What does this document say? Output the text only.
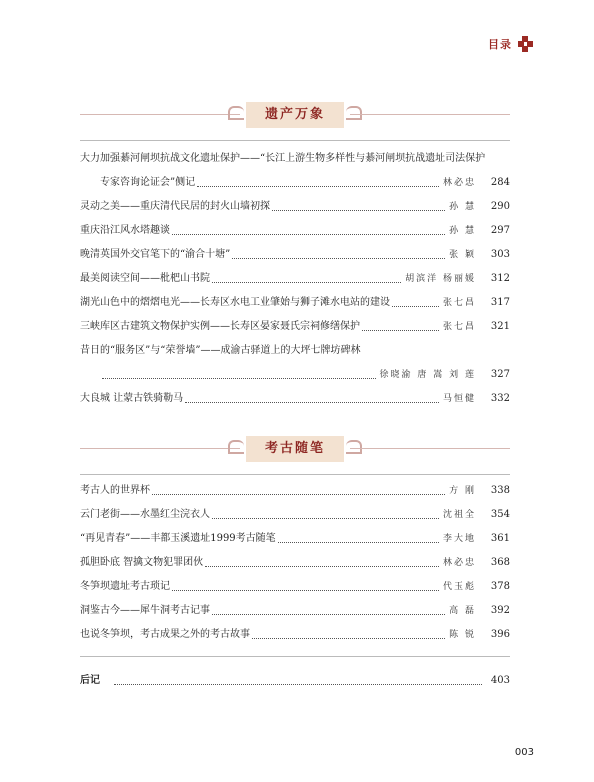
目录
遗产万象
大力加强綦河闸坝抗战文化遗址保护——“长江上游生物多样性与綦河闸坝抗战遗址司法保护
专家咨询论证会”侧记	林必忠	284
灵动之美——重庆清代民居的封火山墙初探	孙 慧	290
重庆沿江风水塔趣谈	孙 慧	297
晚清英国外交官笔下的“渝合十塘”	张 颖	303
最美阅读空间——枇杷山书院	胡滨洋 杨丽媛	312
湖光山色中的熠熠电光——长寿区水电工业肇始与狮子滩水电站的建设	张七昌	317
三峡库区古建筑文物保护实例——长寿区晏家聂氏宗祠修缮保护	张七昌	321
昔日的“服务区”与“荣誉墙”——成渝古驿道上的大坪七牌坊碑林
徐晓渝 唐 嵩 刘 莲	327
大良城 让蒙古铁骑勒马	马恒健	332
考古随笔
考古人的世界杯	方 刚	338
云门老街——水墨红尘浣衣人	沈祖全	354
“再见青春”——丰都玉溪遗址1999考古随笔	李大地	361
孤胆卧底 智擒文物犯罪团伙	林必忠	368
冬笋坝遗址考古琐记	代玉彪	378
洞鉴古今——犀牛洞考古记事	高 磊	392
也说冬笋坝，考古成果之外的考古故事	陈 锐	396
后记	403
003
